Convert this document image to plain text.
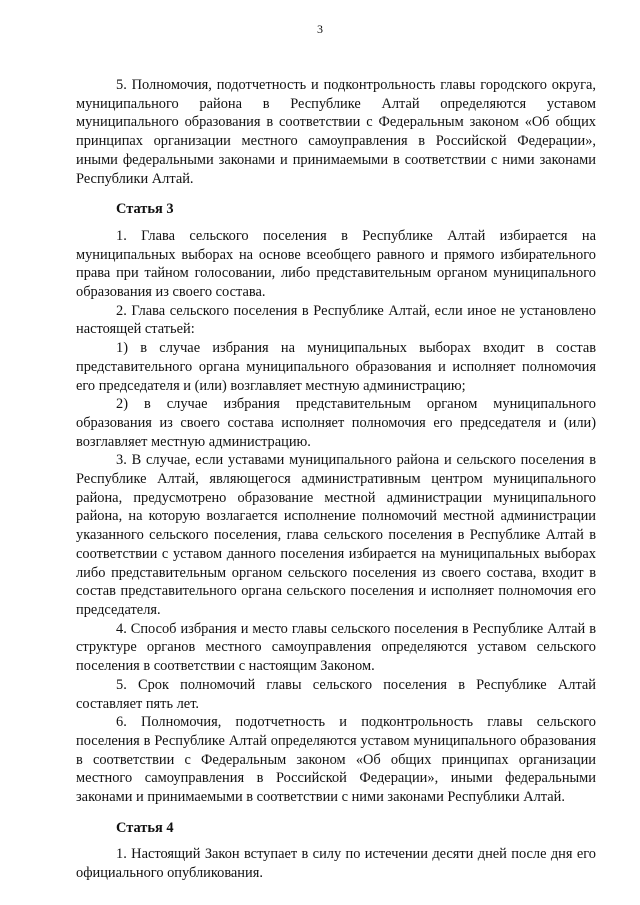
3

5. Полномочия, подотчетность и подконтрольность главы городского округа, муниципального района в Республике Алтай определяются уставом муниципального образования в соответствии с Федеральным законом «Об общих принципах организации местного самоуправления в Российской Федерации», иными федеральными законами и принимаемыми в соответствии с ними законами Республики Алтай.

Статья 3

1. Глава сельского поселения в Республике Алтай избирается на муниципальных выборах на основе всеобщего равного и прямого избирательного права при тайном голосовании, либо представительным органом муниципального образования из своего состава.

2. Глава сельского поселения в Республике Алтай, если иное не установлено настоящей статьей:

1) в случае избрания на муниципальных выборах входит в состав представительного органа муниципального образования и исполняет полномочия его председателя и (или) возглавляет местную администрацию;

2) в случае избрания представительным органом муниципального образования из своего состава исполняет полномочия его председателя и (или) возглавляет местную администрацию.

3. В случае, если уставами муниципального района и сельского поселения в Республике Алтай, являющегося административным центром муниципального района, предусмотрено образование местной администрации муниципального района, на которую возлагается исполнение полномочий местной администрации указанного сельского поселения, глава сельского поселения в Республике Алтай в соответствии с уставом данного поселения избирается на муниципальных выборах либо представительным органом сельского поселения из своего состава, входит в состав представительного органа сельского поселения и исполняет полномочия его председателя.

4. Способ избрания и место главы сельского поселения в Республике Алтай в структуре органов местного самоуправления определяются уставом сельского поселения в соответствии с настоящим Законом.

5. Срок полномочий главы сельского поселения в Республике Алтай составляет пять лет.

6. Полномочия, подотчетность и подконтрольность главы сельского поселения в Республике Алтай определяются уставом муниципального образования в соответствии с Федеральным законом «Об общих принципах организации местного самоуправления в Российской Федерации», иными федеральными законами и принимаемыми в соответствии с ними законами Республики Алтай.

Статья 4

1. Настоящий Закон вступает в силу по истечении десяти дней после дня его официального опубликования.
